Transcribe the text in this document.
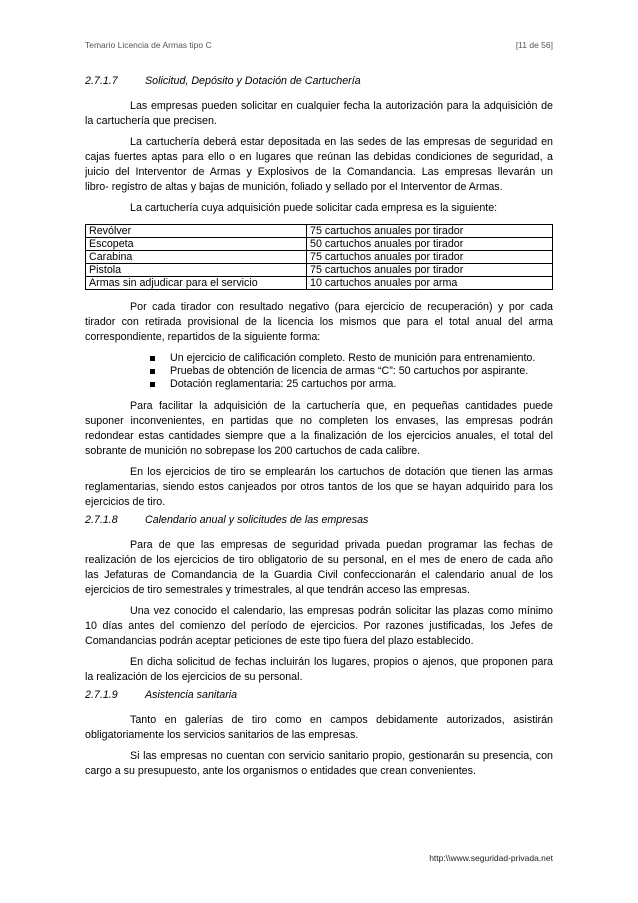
Temario Licencia de Armas tipo C	[11 de 56]
2.7.1.7	Solicitud, Depósito y Dotación de Cartuchería
Las empresas pueden solicitar en cualquier fecha la autorización para la adquisición de
la cartuchería que precisen.
La cartuchería deberá estar depositada en las sedes de las empresas de seguridad en
cajas fuertes aptas para ello o en lugares que reúnan las debidas condiciones de seguridad, a
juicio del Interventor de Armas y Explosivos de la Comandancia. Las empresas llevarán un
libro- registro de altas y bajas de munición, foliado y sellado por el Interventor de Armas.
La cartuchería cuya adquisición puede solicitar cada empresa es la siguiente:
Revólver	75 cartuchos anuales por tirador
Escopeta	50 cartuchos anuales por tirador
Carabina	75 cartuchos anuales por tirador
Pistola	75 cartuchos anuales por tirador
Armas sin adjudicar para el servicio	10 cartuchos anuales por arma
Por cada tirador con resultado negativo (para ejercicio de recuperación) y por cada
tirador con retirada provisional de la licencia los mismos que para el total anual del arma
correspondiente, repartidos de la siguiente forma:
Un ejercicio de calificación completo. Resto de munición para entrenamiento.
Pruebas de obtención de licencia de armas “C”: 50 cartuchos por aspirante.
Dotación reglamentaria: 25 cartuchos por arma.
Para facilitar la adquisición de la cartuchería que, en pequeñas cantidades puede
suponer inconvenientes, en partidas que no completen los envases, las empresas podrán
redondear estas cantidades siempre que a la finalización de los ejercicios anuales, el total del
sobrante de munición no sobrepase los 200 cartuchos de cada calibre.
En los ejercicios de tiro se emplearán los cartuchos de dotación que tienen las armas
reglamentarias, siendo estos canjeados por otros tantos de los que se hayan adquirido para los
ejercicios de tiro.
2.7.1.8	Calendario anual y solicitudes de las empresas
Para de que las empresas de seguridad privada puedan programar las fechas de
realización de los ejercicios de tiro obligatorio de su personal, en el mes de enero de cada año
las Jefaturas de Comandancia de la Guardia Civil confeccionarán el calendario anual de los
ejercicios de tiro semestrales y trimestrales, al que tendrán acceso las empresas.
Una vez conocido el calendario, las empresas podrán solicitar las plazas como mínimo
10 días antes del comienzo del período de ejercicios. Por razones justificadas, los Jefes de
Comandancias podrán aceptar peticiones de este tipo fuera del plazo establecido.
En dicha solicitud de fechas incluirán los lugares, propios o ajenos, que proponen para
la realización de los ejercicios de su personal.
2.7.1.9	Asistencia sanitaria
Tanto en galerías de tiro como en campos debidamente autorizados, asistirán
obligatoriamente los servicios sanitarios de las empresas.
Si las empresas no cuentan con servicio sanitario propio, gestionarán su presencia, con
cargo a su presupuesto, ante los organismos o entidades que crean convenientes.
http:\\www.seguridad-privada.net
